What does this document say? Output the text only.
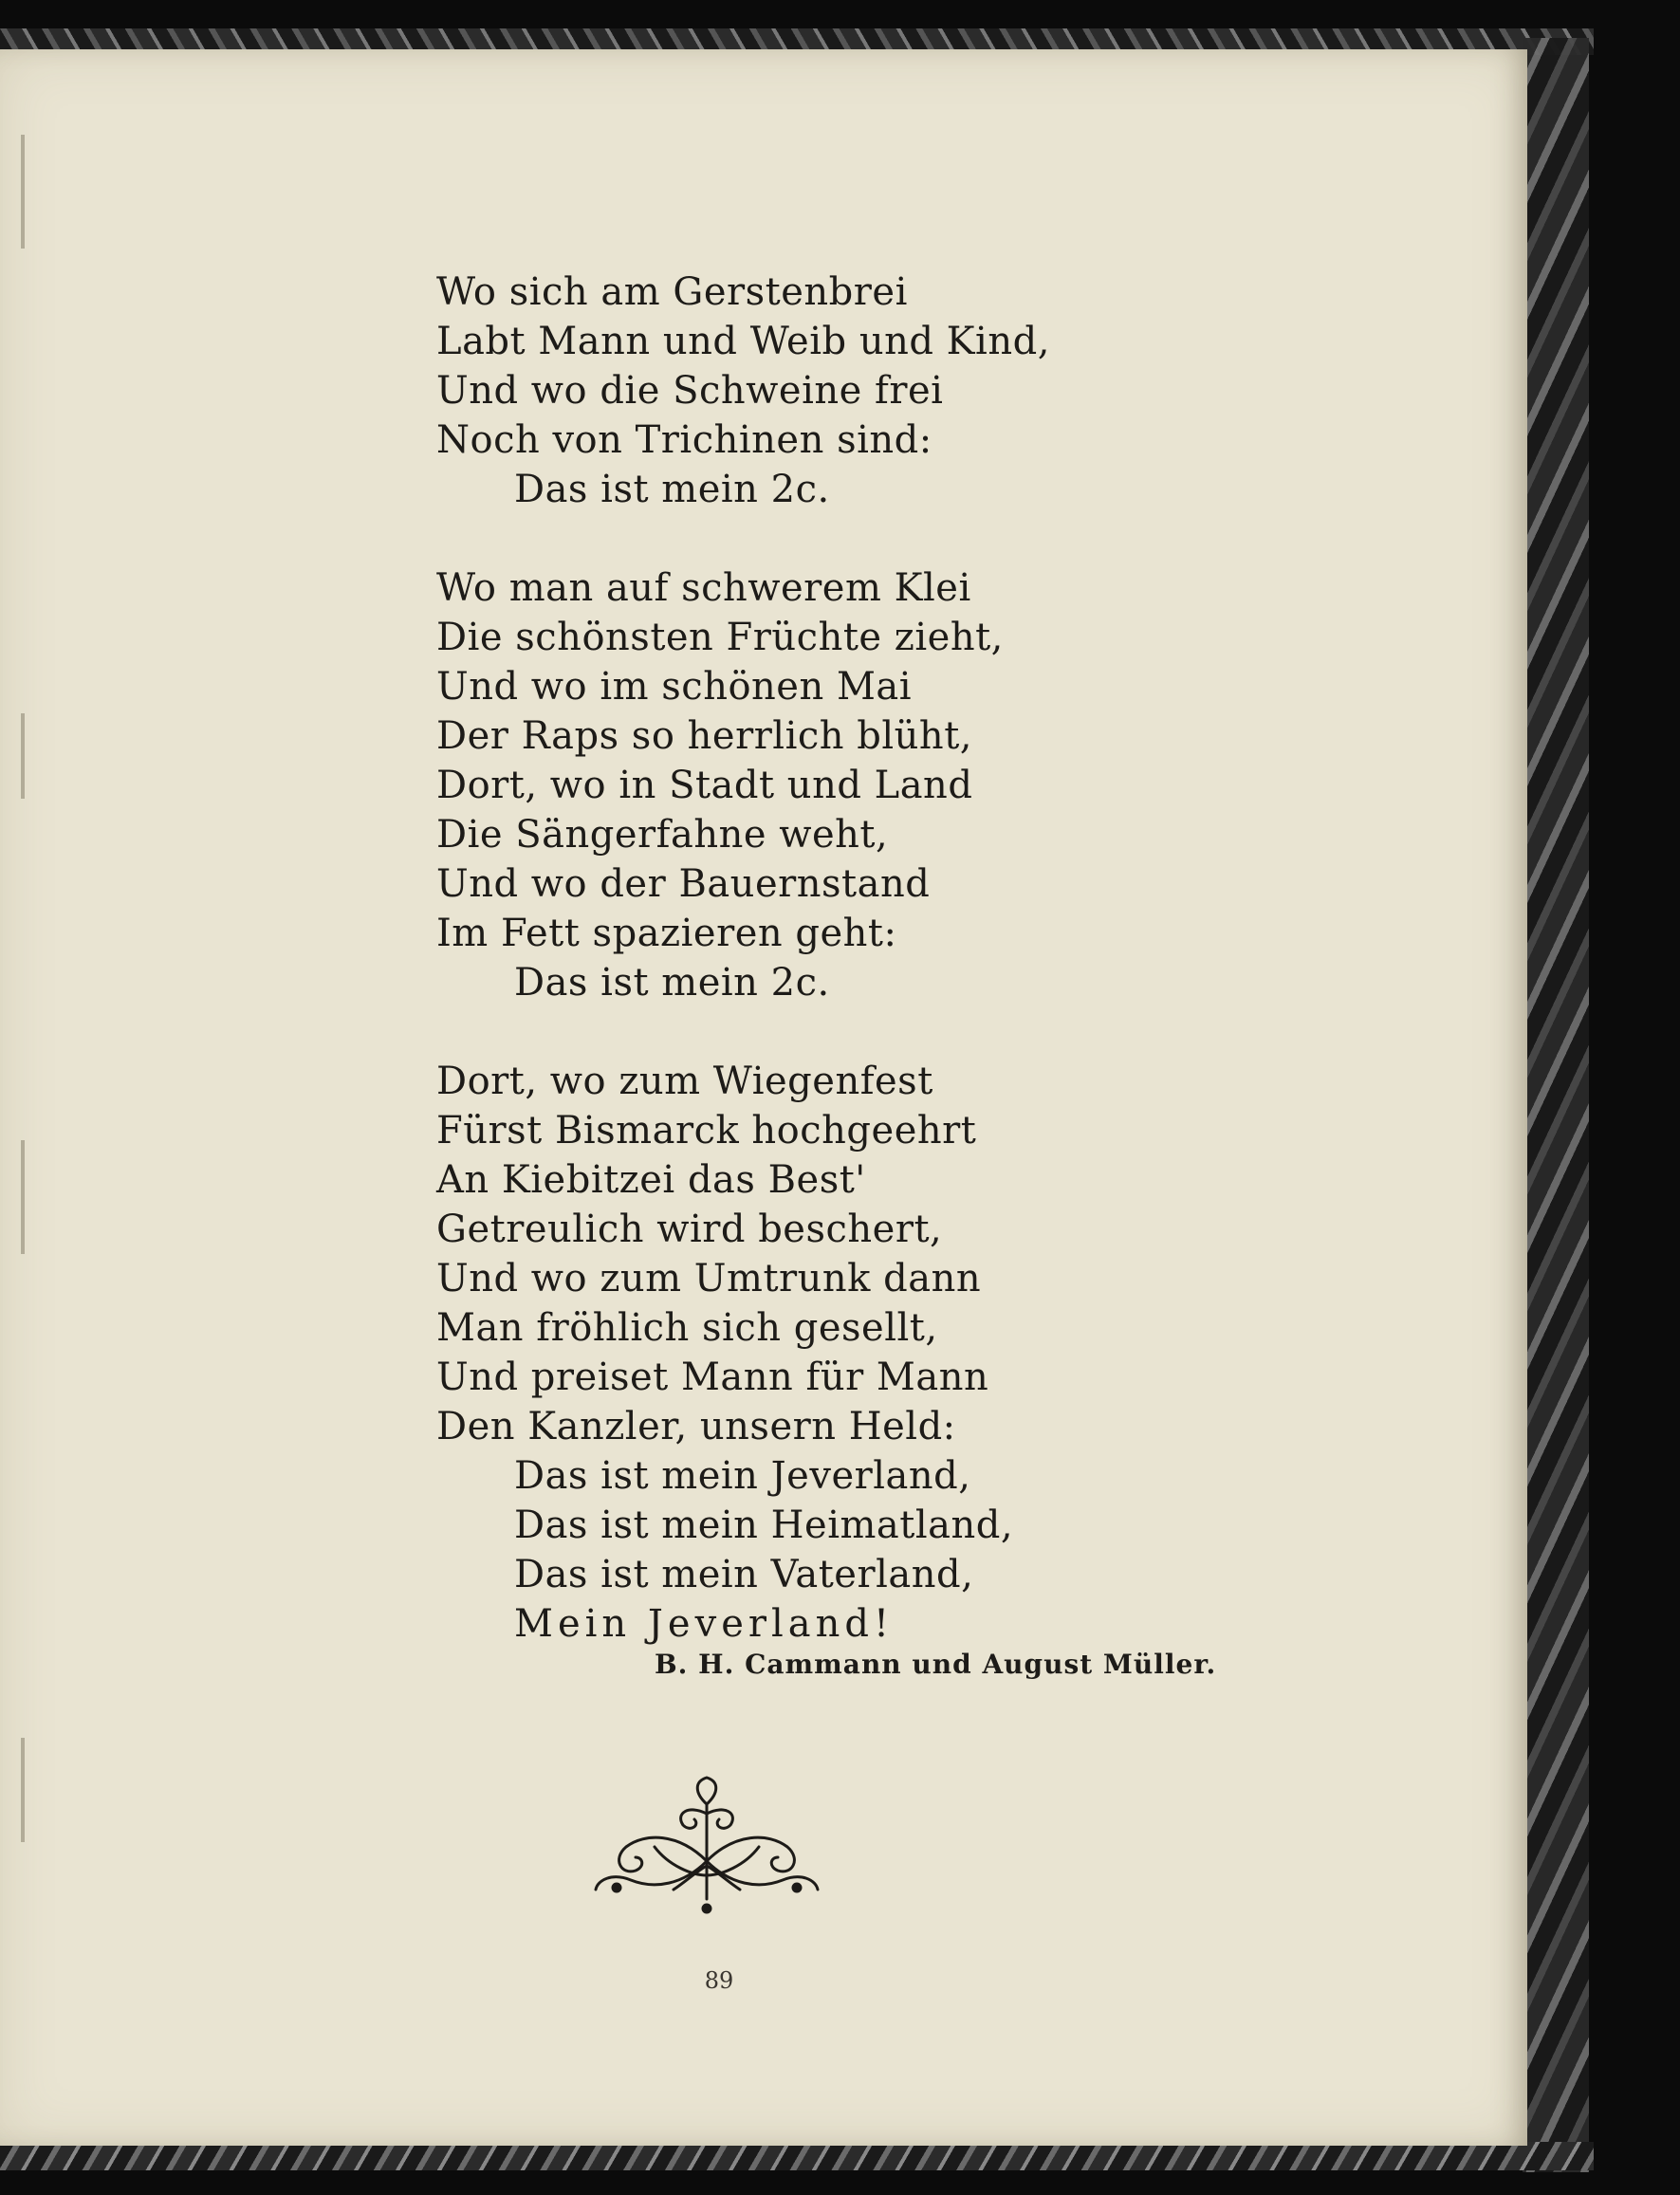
Wo sich am Gerstenbrei
Labt Mann und Weib und Kind,
Und wo die Schweine frei
Noch von Trichinen sind:
Das ist mein 2c.
Wo man auf schwerem Klei
Die schönsten Früchte zieht,
Und wo im schönen Mai
Der Raps so herrlich blüht,
Dort, wo in Stadt und Land
Die Sängerfahne weht,
Und wo der Bauernstand
Im Fett spazieren geht:
Das ist mein 2c.
Dort, wo zum Wiegenfest
Fürst Bismarck hochgeehrt
An Kiebitzei das Best'
Getreulich wird beschert,
Und wo zum Umtrunk dann
Man fröhlich sich gesellt,
Und preiset Mann für Mann
Den Kanzler, unsern Held:
Das ist mein Jeverland,
Das ist mein Heimatland,
Das ist mein Vaterland,
Mein Jeverland!
B. H. Cammann und August Müller.
89
